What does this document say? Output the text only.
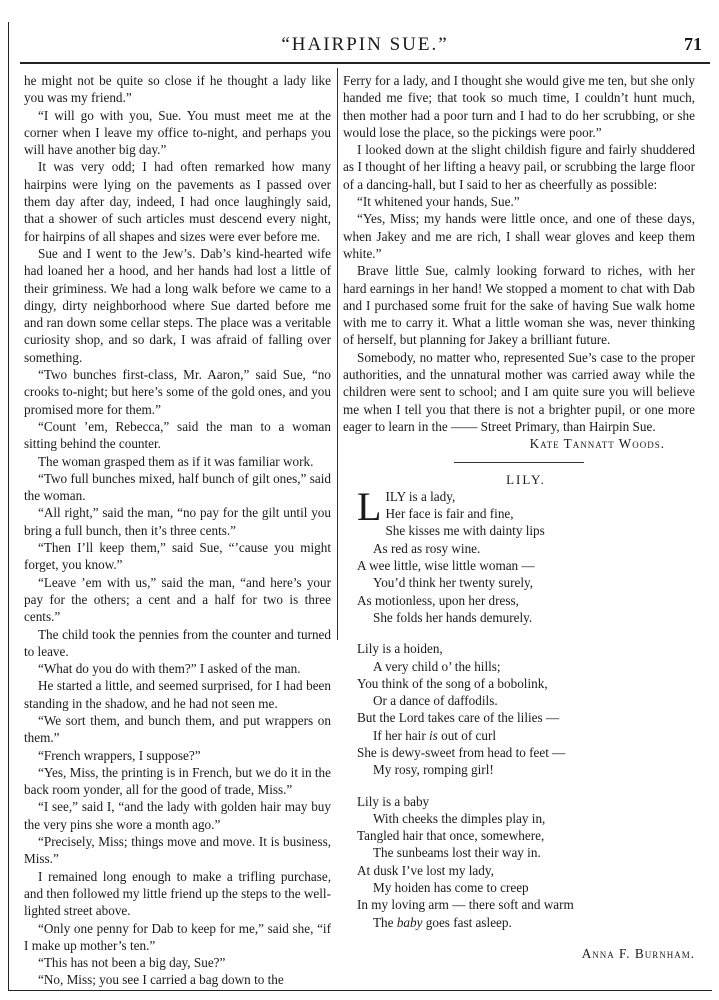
“HAIRPIN SUE.”	71

he might not be quite so close if he thought a lady like you was my friend.”

“I will go with you, Sue. You must meet me at the corner when I leave my office to-night, and perhaps you will have another big day.”

It was very odd; I had often remarked how many hairpins were lying on the pavements as I passed over them day after day, indeed, I had once laughingly said, that a shower of such articles must descend every night, for hairpins of all shapes and sizes were ever before me.

Sue and I went to the Jew’s. Dab’s kind-hearted wife had loaned her a hood, and her hands had lost a little of their griminess. We had a long walk before we came to a dingy, dirty neighborhood where Sue darted before me and ran down some cellar steps. The place was a veritable curiosity shop, and so dark, I was afraid of falling over something.

“Two bunches first-class, Mr. Aaron,” said Sue, “no crooks to-night; but here’s some of the gold ones, and you promised more for them.”

“Count ’em, Rebecca,” said the man to a woman sitting behind the counter.

The woman grasped them as if it was familiar work.

“Two full bunches mixed, half bunch of gilt ones,” said the woman.

“All right,” said the man, “no pay for the gilt until you bring a full bunch, then it’s three cents.”

“Then I’ll keep them,” said Sue, “’cause you might forget, you know.”

“Leave ’em with us,” said the man, “and here’s your pay for the others; a cent and a half for two is three cents.”

The child took the pennies from the counter and turned to leave.

“What do you do with them?” I asked of the man.

He started a little, and seemed surprised, for I had been standing in the shadow, and he had not seen me.

“We sort them, and bunch them, and put wrappers on them.”

“French wrappers, I suppose?”

“Yes, Miss, the printing is in French, but we do it in the back room yonder, all for the good of trade, Miss.”

“I see,” said I, “and the lady with golden hair may buy the very pins she wore a month ago.”

“Precisely, Miss; things move and move. It is business, Miss.”

I remained long enough to make a trifling purchase, and then followed my little friend up the steps to the well-lighted street above.

“Only one penny for Dab to keep for me,” said she, “if I make up mother’s ten.”

“This has not been a big day, Sue?”

“No, Miss; you see I carried a bag down to the

Ferry for a lady, and I thought she would give me ten, but she only handed me five; that took so much time, I couldn’t hunt much, then mother had a poor turn and I had to do her scrubbing, or she would lose the place, so the pickings were poor.”

I looked down at the slight childish figure and fairly shuddered as I thought of her lifting a heavy pail, or scrubbing the large floor of a dancing-hall, but I said to her as cheerfully as possible:

“It whitened your hands, Sue.”

“Yes, Miss; my hands were little once, and one of these days, when Jakey and me are rich, I shall wear gloves and keep them white.”

Brave little Sue, calmly looking forward to riches, with her hard earnings in her hand! We stopped a moment to chat with Dab and I purchased some fruit for the sake of having Sue walk home with me to carry it. What a little woman she was, never thinking of herself, but planning for Jakey a brilliant future.

Somebody, no matter who, represented Sue’s case to the proper authorities, and the unnatural mother was carried away while the children were sent to school; and I am quite sure you will believe me when I tell you that there is not a brighter pupil, or one more eager to learn in the —— Street Primary, than Hairpin Sue.

Kate Tannatt Woods.

LILY.

L ILY is a lady,
Her face is fair and fine,
She kisses me with dainty lips
As red as rosy wine.
A wee little, wise little woman —
You’d think her twenty surely,
As motionless, upon her dress,
She folds her hands demurely.
Lily is a hoiden,
A very child o’ the hills;
You think of the song of a bobolink,
Or a dance of daffodils.
But the Lord takes care of the lilies —
If her hair is out of curl
She is dewy-sweet from head to feet —
My rosy, romping girl!
Lily is a baby
With cheeks the dimples play in,
Tangled hair that once, somewhere,
The sunbeams lost their way in.
At dusk I’ve lost my lady,
My hoiden has come to creep
In my loving arm — there soft and warm
The baby goes fast asleep.

Anna F. Burnham.
